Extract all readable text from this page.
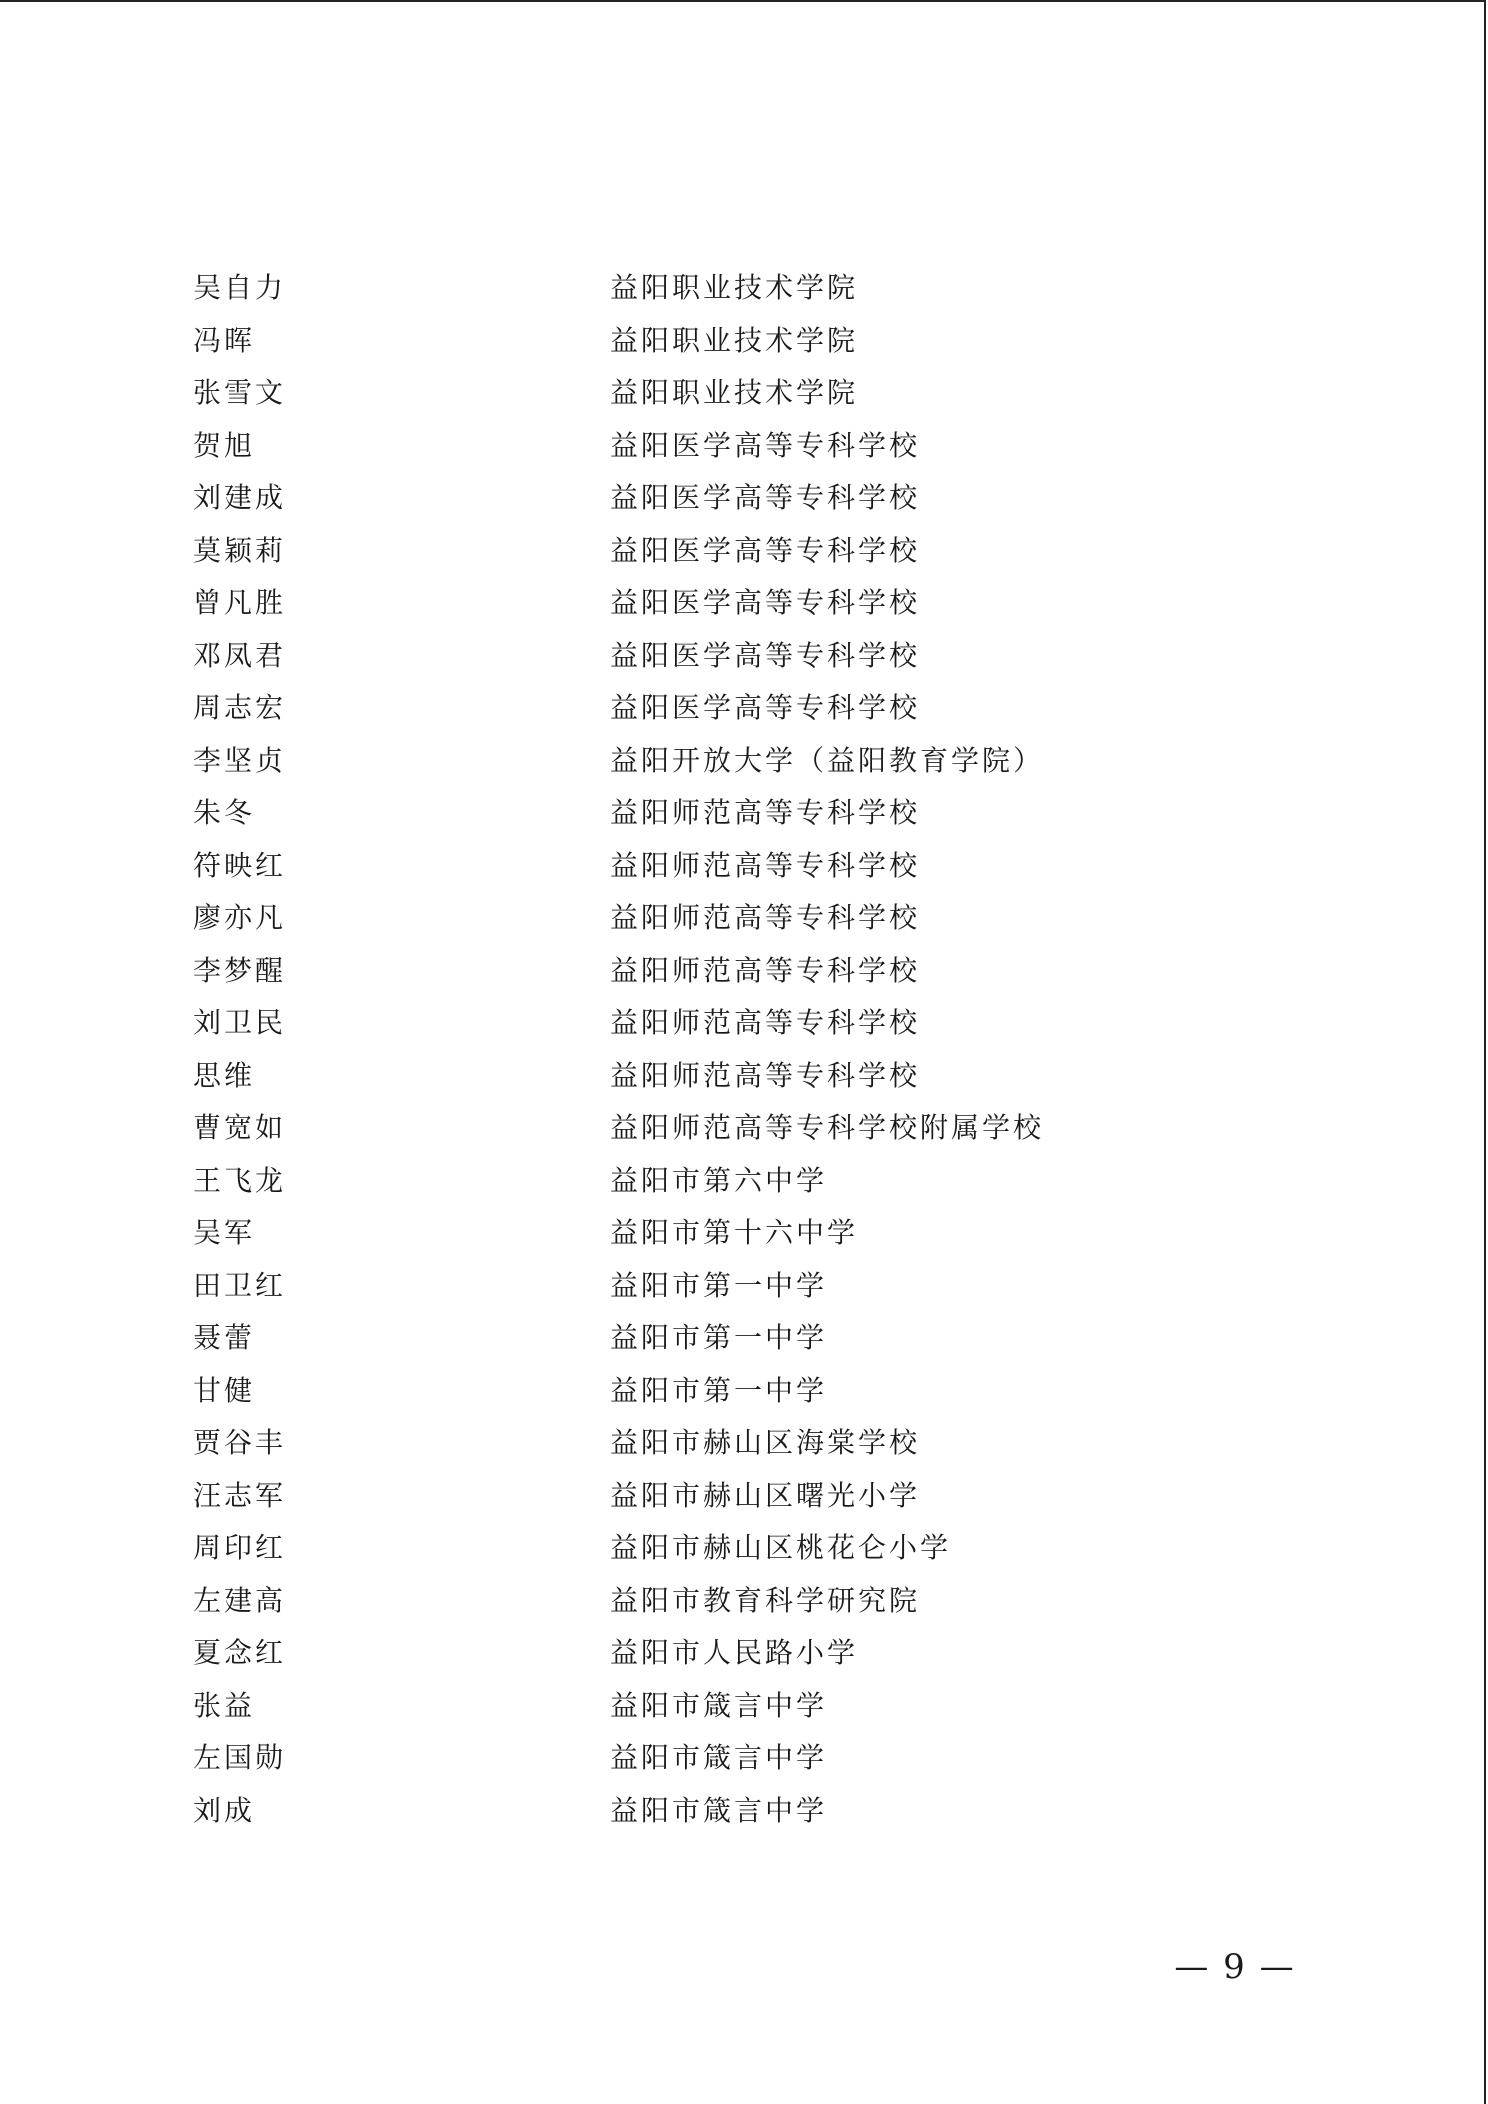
吴自力	益阳职业技术学院
冯晖	益阳职业技术学院
张雪文	益阳职业技术学院
贺旭	益阳医学高等专科学校
刘建成	益阳医学高等专科学校
莫颖莉	益阳医学高等专科学校
曾凡胜	益阳医学高等专科学校
邓凤君	益阳医学高等专科学校
周志宏	益阳医学高等专科学校
李坚贞	益阳开放大学（益阳教育学院）
朱冬	益阳师范高等专科学校
符映红	益阳师范高等专科学校
廖亦凡	益阳师范高等专科学校
李梦醒	益阳师范高等专科学校
刘卫民	益阳师范高等专科学校
思维	益阳师范高等专科学校
曹宽如	益阳师范高等专科学校附属学校
王飞龙	益阳市第六中学
吴军	益阳市第十六中学
田卫红	益阳市第一中学
聂蕾	益阳市第一中学
甘健	益阳市第一中学
贾谷丰	益阳市赫山区海棠学校
汪志军	益阳市赫山区曙光小学
周印红	益阳市赫山区桃花仑小学
左建高	益阳市教育科学研究院
夏念红	益阳市人民路小学
张益	益阳市箴言中学
左国勋	益阳市箴言中学
刘成	益阳市箴言中学
— 9 —
